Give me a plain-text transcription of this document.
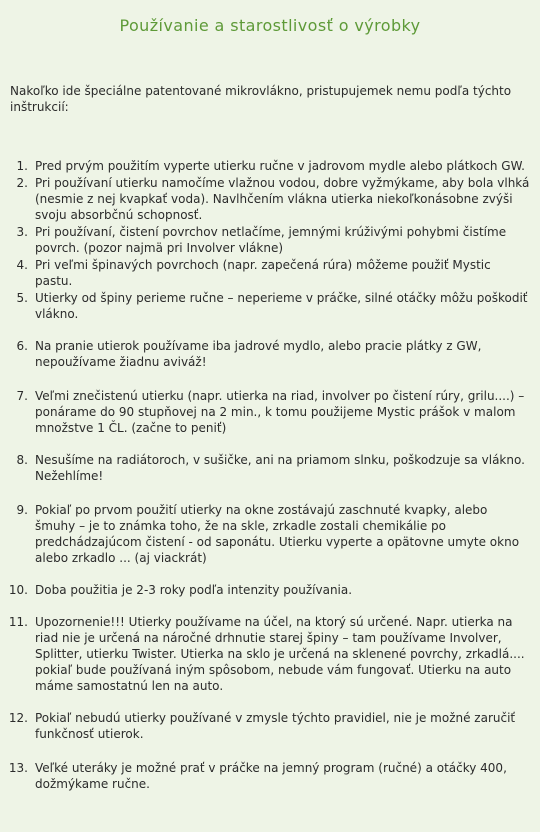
Používanie a starostlivosť o výrobky
Nakoľko ide špeciálne patentované mikrovlákno, pristupujemek nemu podľa týchto inštrukcií:
1. Pred prvým použitím vyperte utierku ručne v jadrovom mydle alebo plátkoch GW.
2. Pri používaní utierku namočíme vlažnou vodou, dobre vyžmýkame, aby bola vlhká (nesmie z nej kvapkať voda). Navlhčením vlákna utierka niekoľkonásobne zvýši svoju absorbčnú schopnosť.
3. Pri používaní, čistení povrchov netlačíme, jemnými krúživými pohybmi čistíme povrch. (pozor najmä pri Involver vlákne)
4. Pri veľmi špinavých povrchoch (napr. zapečená rúra) môžeme použiť Mystic pastu.
5. Utierky od špiny perieme ručne – neperieme v práčke, silné otáčky môžu poškodiť vlákno.
6. Na pranie utierok používame iba jadrové mydlo, alebo pracie plátky z GW, nepoužívame žiadnu aviváž!
7. Veľmi znečistenú utierku (napr. utierka na riad, involver po čistení rúry, grilu....) – ponárame do 90 stupňovej na 2 min., k tomu použijeme Mystic prášok v malom množstve 1 ČL. (začne to peniť)
8. Nesušíme na radiátoroch, v sušičke, ani na priamom slnku, poškodzuje sa vlákno. Nežehlíme!
9. Pokiaľ po prvom použití utierky na okne zostávajú zaschnuté kvapky, alebo šmuhy – je to známka toho, že na skle, zrkadle zostali chemikálie po predchádzajúcom čistení - od saponátu. Utierku vyperte a opätovne umyte okno alebo zrkadlo ... (aj viackrát)
10. Doba použitia je 2-3 roky podľa intenzity používania.
11. Upozornenie!!! Utierky používame na účel, na ktorý sú určené. Napr. utierka na riad nie je určená na náročné drhnutie starej špiny – tam používame Involver, Splitter, utierku Twister. Utierka na sklo je určená na sklenené povrchy, zrkadlá.... pokiaľ bude používaná iným spôsobom, nebude vám fungovať. Utierku na auto máme samostatnú len na auto.
12. Pokiaľ nebudú utierky používané v zmysle týchto pravidiel, nie je možné zaručiť funkčnosť utierok.
13. Veľké uteráky je možné prať v práčke na jemný program (ručné) a otáčky 400, dožmýkame ručne.
